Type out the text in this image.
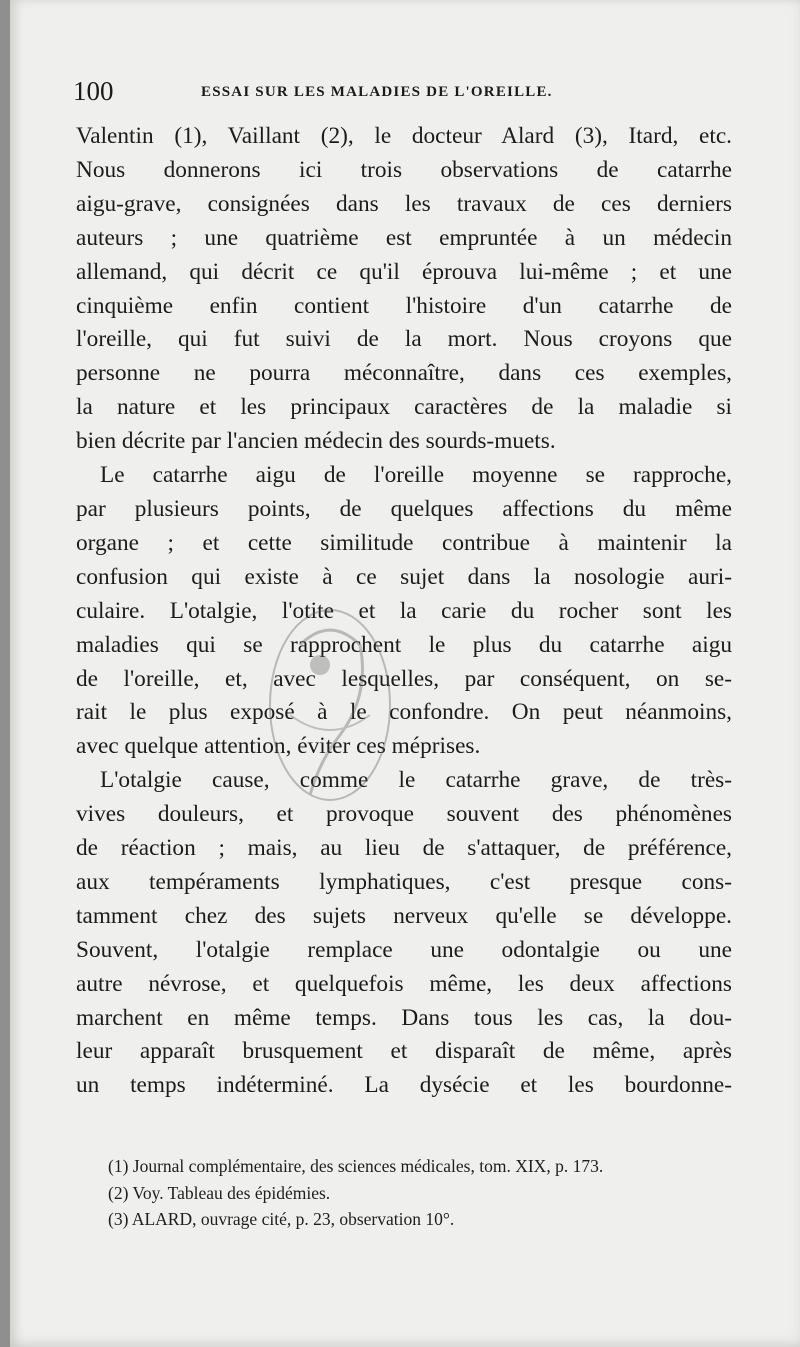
100	ESSAI SUR LES MALADIES DE L'OREILLE.

Valentin (1), Vaillant (2), le docteur Alard (3), Itard, etc.
Nous donnerons ici trois observations de catarrhe
aigu-grave, consignées dans les travaux de ces derniers
auteurs ; une quatrième est empruntée à un médecin
allemand, qui décrit ce qu'il éprouva lui-même ; et une
cinquième enfin contient l'histoire d'un catarrhe de
l'oreille, qui fut suivi de la mort. Nous croyons que
personne ne pourra méconnaître, dans ces exemples,
la nature et les principaux caractères de la maladie si

bien décrite par l'ancien médecin des sourds-muets.

Le catarrhe aigu de l'oreille moyenne se rapproche,
par plusieurs points, de quelques affections du même
organe ; et cette similitude contribue à maintenir la
confusion qui existe à ce sujet dans la nosologie auri-
culaire. L'otalgie, l'otite et la carie du rocher sont les
maladies qui se rapprochent le plus du catarrhe aigu
de l'oreille, et, avec lesquelles, par conséquent, on se-
rait le plus exposé à le confondre. On peut néanmoins,

avec quelque attention, éviter ces méprises.

L'otalgie cause, comme le catarrhe grave, de très-
vives douleurs, et provoque souvent des phénomènes
de réaction ; mais, au lieu de s'attaquer, de préférence,
aux tempéraments lymphatiques, c'est presque cons-
tamment chez des sujets nerveux qu'elle se développe.
Souvent, l'otalgie remplace une odontalgie ou une
autre névrose, et quelquefois même, les deux affections
marchent en même temps. Dans tous les cas, la dou-
leur apparaît brusquement et disparaît de même, après
un temps indéterminé. La dysécie et les bourdonne-

(1) Journal complémentaire, des sciences médicales, tom. XIX, p. 173.
(2) Voy. Tableau des épidémies.
(3) ALARD, ouvrage cité, p. 23, observation 10°.
